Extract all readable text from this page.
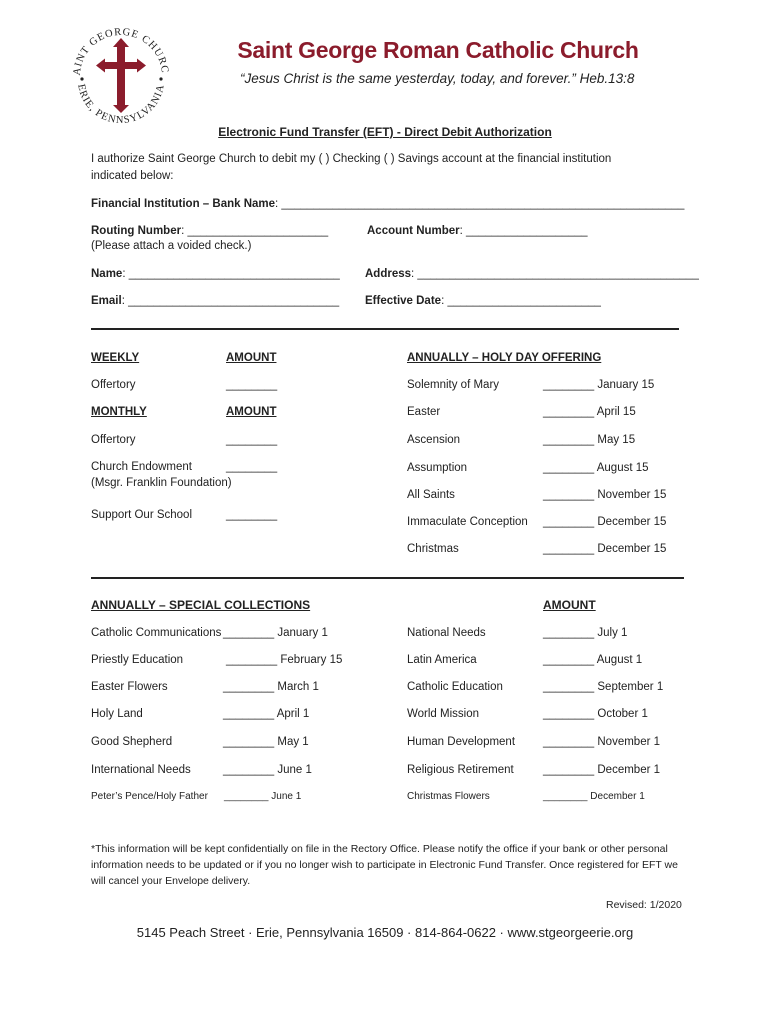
AINT GEORGE CHURC
ERIE, PENNSYLVANIA
Saint George Roman Catholic Church
“Jesus Christ is the same yesterday, today, and forever.” Heb.13:8
Electronic Fund Transfer (EFT) - Direct Debit Authorization
I authorize Saint George Church to debit my ( ) Checking ( ) Savings account at the financial institution
indicated below:
Financial Institution – Bank Name: _______________________________________________________________
Routing Number: ______________________
(Please attach a voided check.)
Account Number: ___________________
Name: _________________________________ Address: ____________________________________________
Email: _________________________________ Effective Date: ________________________
WEEKLY	AMOUNT	ANNUALLY – HOLY DAY OFFERING
Offertory	________
MONTHLY	AMOUNT
Offertory	________
Church Endowment	________
(Msgr. Franklin Foundation)
Support Our School	________
Solemnity of Mary	________ January 15
Easter	________ April 15
Ascension	________ May 15
Assumption	________ August 15
All Saints	________ November 15
Immaculate Conception ________ December 15
Christmas	________ December 15
ANNUALLY – SPECIAL COLLECTIONS	AMOUNT
Catholic Communications ________ January 1
Priestly Education	________ February 15
Easter Flowers	________ March 1
Holy Land	________ April 1
Good Shepherd	________ May 1
International Needs	________ June 1
Peter’s Pence/Holy Father ________ June 1
National Needs	________ July 1
Latin America	________ August 1
Catholic Education	________ September 1
World Mission	________ October 1
Human Development ________ November 1
Religious Retirement	________ December 1
Christmas Flowers	________ December 1
*This information will be kept confidentially on file in the Rectory Office. Please notify the office if your bank or other personal information needs to be updated or if you no longer wish to participate in Electronic Fund Transfer. Once registered for EFT we will cancel your Envelope delivery.
Revised: 1/2020
5145 Peach Street · Erie, Pennsylvania 16509 · 814-864-0622 · www.stgeorgeerie.org
